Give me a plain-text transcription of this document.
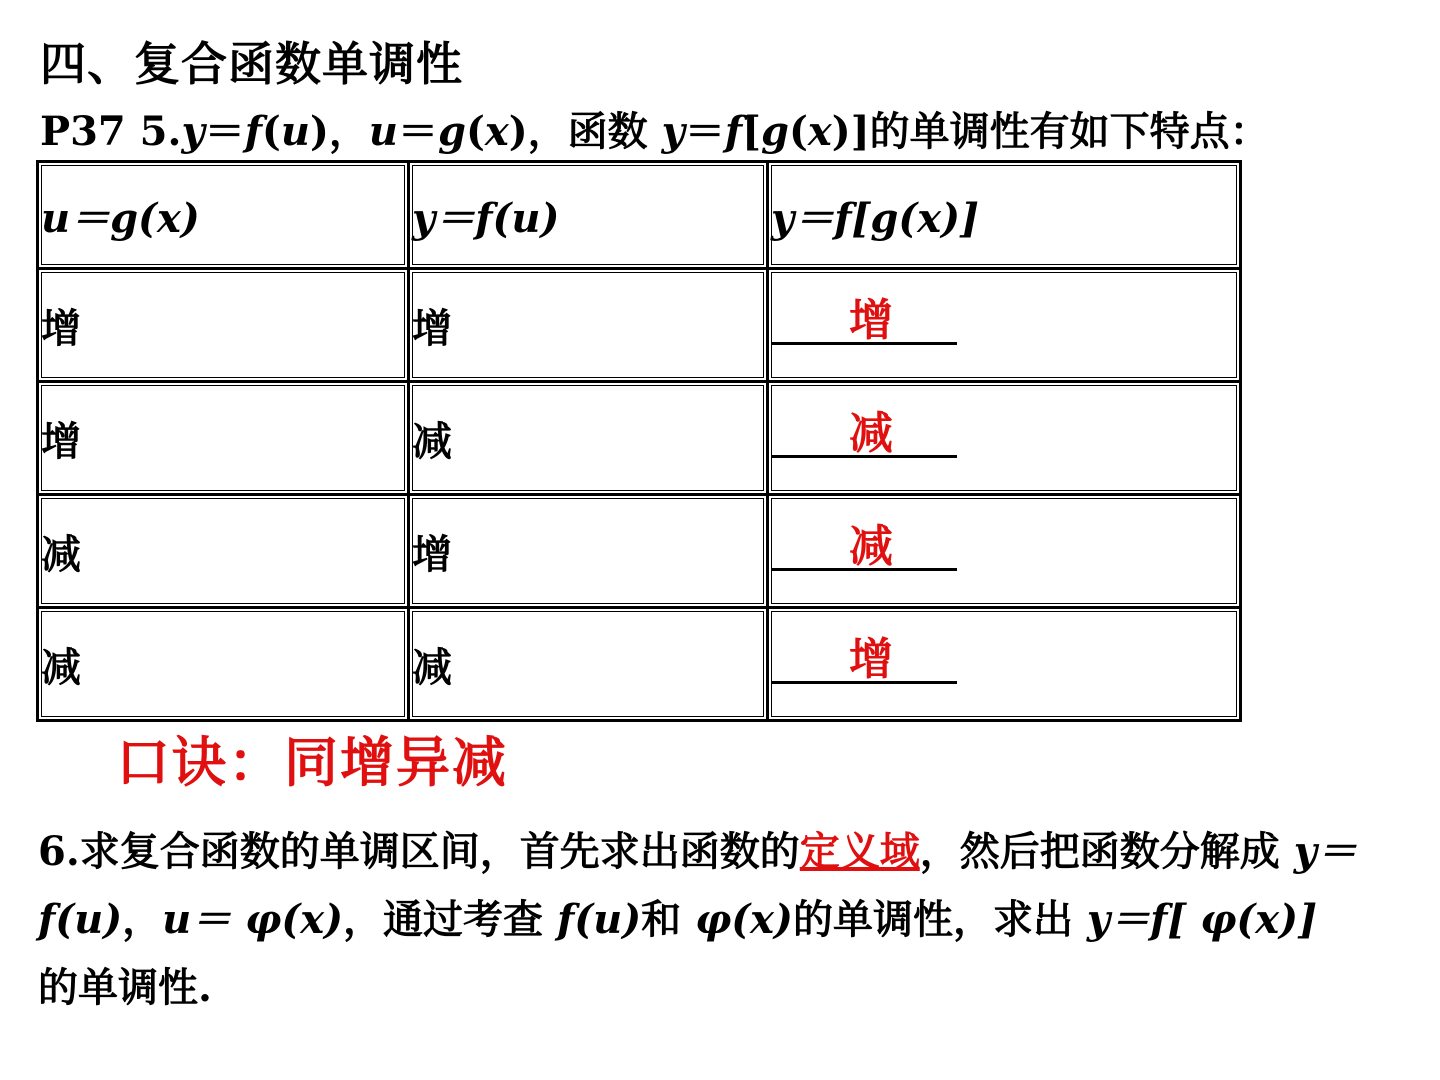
四、复合函数单调性
P37 5.y＝f(u)，u＝g(x)，函数 y＝f[g(x)]的单调性有如下特点：
u＝g(x)	y＝f(u)	y＝f[g(x)]
增	增	增

增	减	减

减	增	减

减	减	增
口诀：同增异减
6.求复合函数的单调区间，首先求出函数的定义域，然后把函数分解成 y＝f(u)，u＝ φ(x)，通过考查 f(u)和 φ(x)的单调性，求出 y＝f[ φ(x)]
的单调性.
